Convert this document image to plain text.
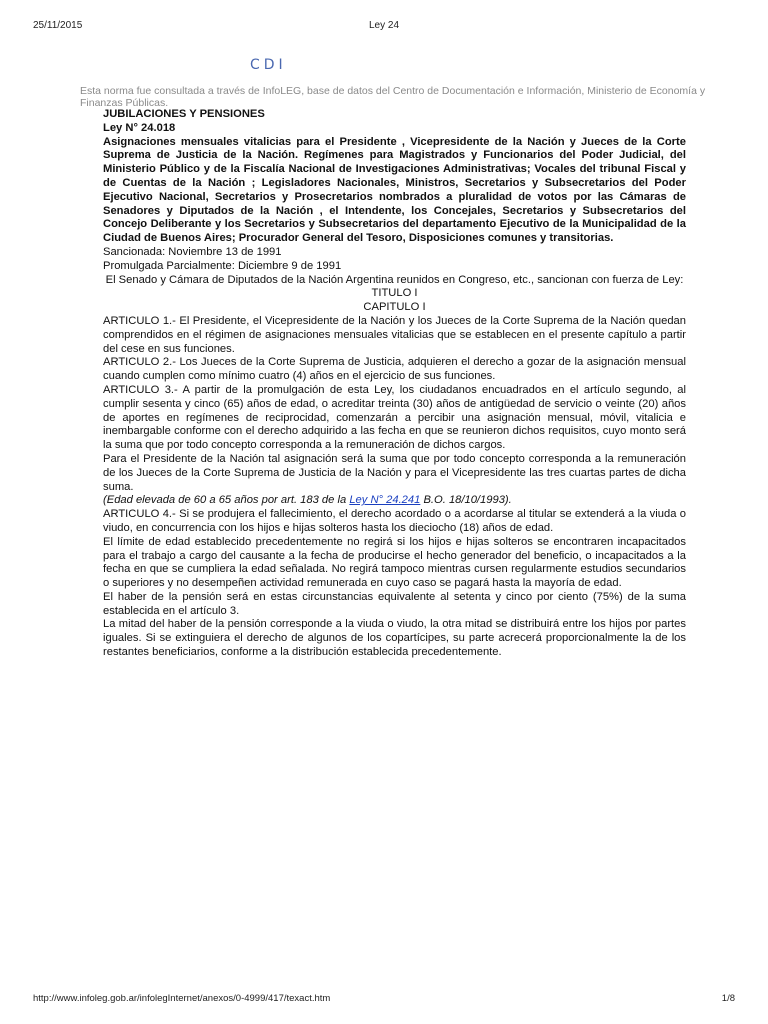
25/11/2015	Ley 24
CDI
Esta norma fue consultada a través de InfoLEG, base de datos del Centro de Documentación e Información, Ministerio de Economía y Finanzas Públicas.

JUBILACIONES Y PENSIONES

Ley N° 24.018

Asignaciones mensuales vitalicias para el Presidente , Vicepresidente de la Nación y Jueces de la Corte Suprema de Justicia de la Nación. Regímenes para Magistrados y Funcionarios del Poder Judicial, del Ministerio Público y de la Fiscalía Nacional de Investigaciones Administrativas; Vocales del tribunal Fiscal y de Cuentas de la Nación ; Legisladores Nacionales, Ministros, Secretarios y Subsecretarios del Poder Ejecutivo Nacional, Secretarios y Prosecretarios nombrados a pluralidad de votos por las Cámaras de Senadores y Diputados de la Nación , el Intendente, los Concejales, Secretarios y Subsecretarios del Concejo Deliberante y los Secretarios y Subsecretarios del departamento Ejecutivo de la Municipalidad de la Ciudad de Buenos Aires; Procurador General del Tesoro, Disposiciones comunes y transitorias.

Sancionada: Noviembre 13 de 1991

Promulgada Parcialmente: Diciembre 9 de 1991

El Senado y Cámara de Diputados de la Nación Argentina reunidos en Congreso, etc., sancionan con fuerza de Ley:

TITULO I

CAPITULO I

ARTICULO 1.- El Presidente, el Vicepresidente de la Nación y los Jueces de la Corte Suprema de la Nación quedan comprendidos en el régimen de asignaciones mensuales vitalicias que se establecen en el presente capítulo a partir del cese en sus funciones.

ARTICULO 2.- Los Jueces de la Corte Suprema de Justicia, adquieren el derecho a gozar de la asignación mensual cuando cumplen como mínimo cuatro (4) años en el ejercicio de sus funciones.

ARTICULO 3.- A partir de la promulgación de esta Ley, los ciudadanos encuadrados en el artículo segundo, al cumplir sesenta y cinco (65) años de edad, o acreditar treinta (30) años de antigüedad de servicio o veinte (20) años de aportes en regímenes de reciprocidad, comenzarán a percibir una asignación mensual, móvil, vitalicia e inembargable conforme con el derecho adquirido a las fecha en que se reunieron dichos requisitos, cuyo monto será la suma que por todo concepto corresponda a la remuneración de dichos cargos.

Para el Presidente de la Nación tal asignación será la suma que por todo concepto corresponda a la remuneración de los Jueces de la Corte Suprema de Justicia de la Nación y para el Vicepresidente las tres cuartas partes de dicha suma.

(Edad elevada de 60 a 65 años por art. 183 de la Ley N° 24.241 B.O. 18/10/1993).

ARTICULO 4.- Si se produjera el fallecimiento, el derecho acordado o a acordarse al titular se extenderá a la viuda o viudo, en concurrencia con los hijos e hijas solteros hasta los dieciocho (18) años de edad.

El límite de edad establecido precedentemente no regirá si los hijos e hijas solteros se encontraren incapacitados para el trabajo a cargo del causante a la fecha de producirse el hecho generador del beneficio, o incapacitados a la fecha en que se cumpliera la edad señalada. No regirá tampoco mientras cursen regularmente estudios secundarios o superiores y no desempeñen actividad remunerada en cuyo caso se pagará hasta la mayoría de edad.

El haber de la pensión será en estas circunstancias equivalente al setenta y cinco por ciento (75%) de la suma establecida en el artículo 3.

La mitad del haber de la pensión corresponde a la viuda o viudo, la otra mitad se distribuirá entre los hijos por partes iguales. Si se extinguiera el derecho de algunos de los copartícipes, su parte acrecerá proporcionalmente la de los restantes beneficiarios, conforme a la distribución establecida precedentemente.

http://www.infoleg.gob.ar/infolegInternet/anexos/0-4999/417/texact.htm	1/8
